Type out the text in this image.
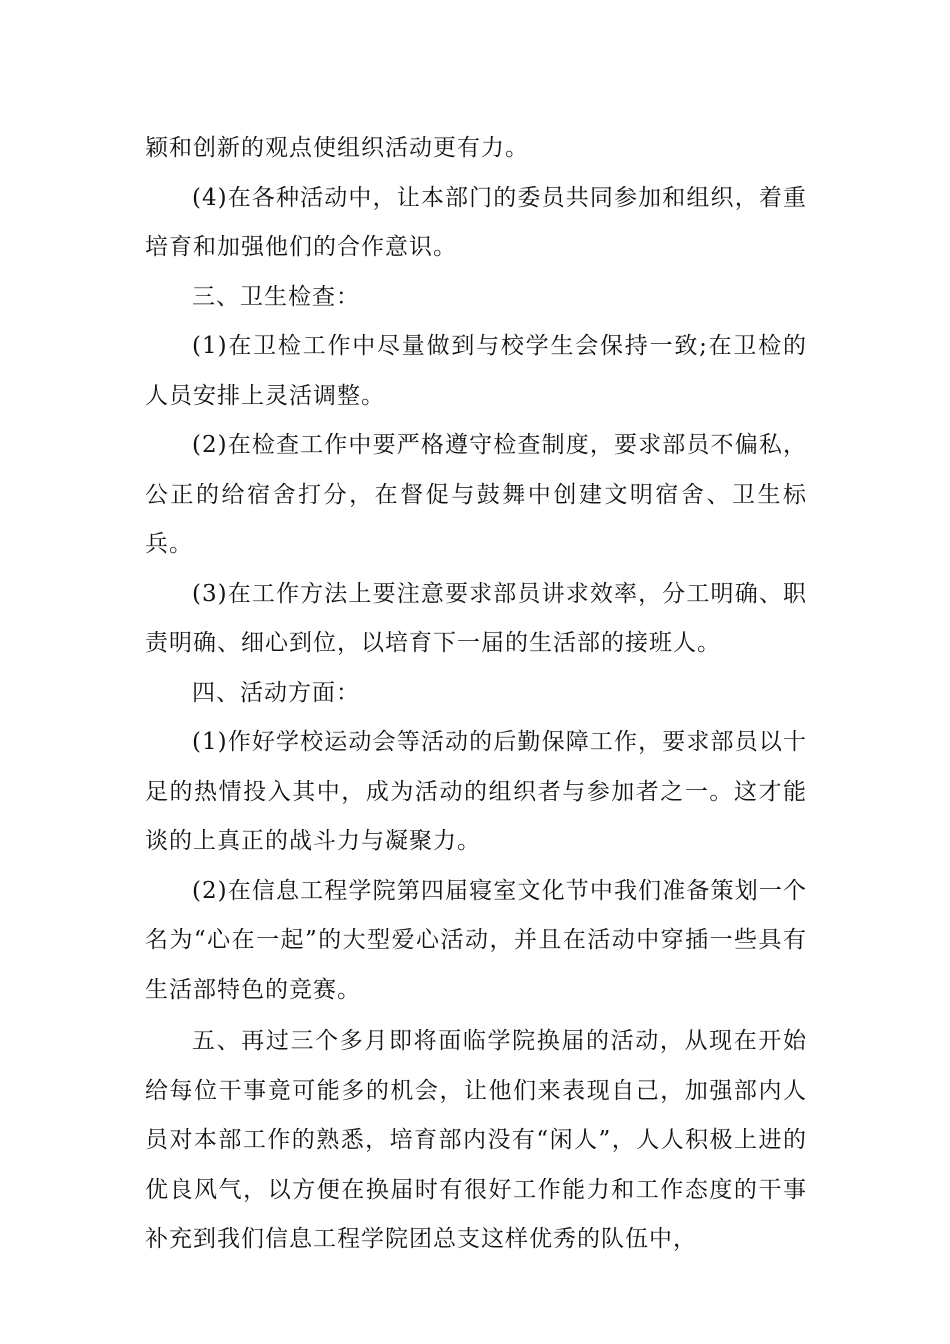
颖和创新的观点使组织活动更有力。

(4)在各种活动中，让本部门的委员共同参加和组织，着重培育和加强他们的合作意识。

三、卫生检查：

(1)在卫检工作中尽量做到与校学生会保持一致;在卫检的人员安排上灵活调整。

(2)在检查工作中要严格遵守检查制度，要求部员不偏私，公正的给宿舍打分，在督促与鼓舞中创建文明宿舍、卫生标兵。

(3)在工作方法上要注意要求部员讲求效率，分工明确、职责明确、细心到位，以培育下一届的生活部的接班人。

四、活动方面：

(1)作好学校运动会等活动的后勤保障工作，要求部员以十足的热情投入其中，成为活动的组织者与参加者之一。这才能谈的上真正的战斗力与凝聚力。

(2)在信息工程学院第四届寝室文化节中我们准备策划一个名为“心在一起”的大型爱心活动，并且在活动中穿插一些具有生活部特色的竞赛。

五、再过三个多月即将面临学院换届的活动，从现在开始给每位干事竟可能多的机会，让他们来表现自己，加强部内人员对本部工作的熟悉，培育部内没有“闲人”，人人积极上进的优良风气，以方便在换届时有很好工作能力和工作态度的干事补充到我们信息工程学院团总支这样优秀的队伍中，
